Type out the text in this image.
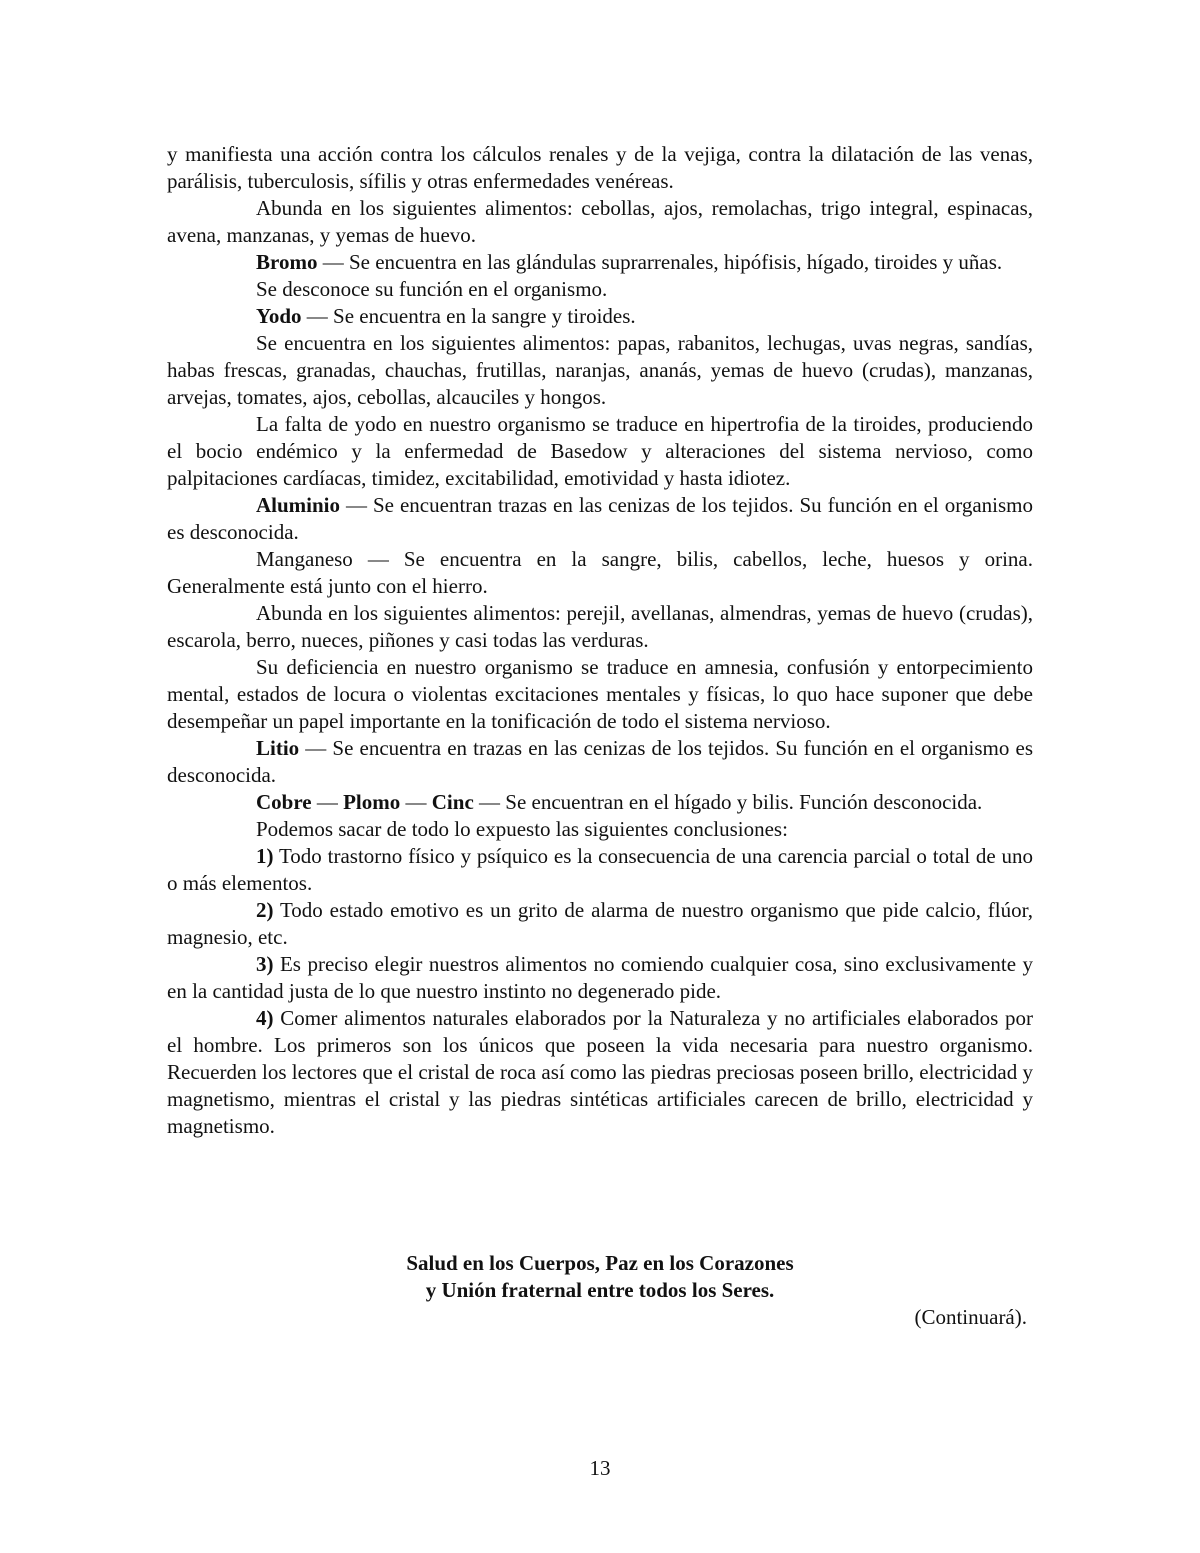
y manifiesta una acción contra los cálculos renales y de la vejiga, contra la dilatación de las venas, parálisis, tuberculosis, sífilis y otras enfermedades venéreas.

Abunda en los siguientes alimentos: cebollas, ajos, remolachas, trigo integral, espinacas, avena, manzanas, y yemas de huevo.

Bromo — Se encuentra en las glándulas suprarrenales, hipófisis, hígado, tiroides y uñas.

Se desconoce su función en el organismo.

Yodo — Se encuentra en la sangre y tiroides.

Se encuentra en los siguientes alimentos: papas, rabanitos, lechugas, uvas negras, sandías, habas frescas, granadas, chauchas, frutillas, naranjas, ananás, yemas de huevo (crudas), manzanas, arvejas, tomates, ajos, cebollas, alcauciles y hongos.

La falta de yodo en nuestro organismo se traduce en hipertrofia de la tiroides, produciendo el bocio endémico y la enfermedad de Basedow y alteraciones del sistema nervioso, como palpitaciones cardíacas, timidez, excitabilidad, emotividad y hasta idiotez.

Aluminio — Se encuentran trazas en las cenizas de los tejidos. Su función en el organismo es desconocida.

Manganeso — Se encuentra en la sangre, bilis, cabellos, leche, huesos y orina. Generalmente está junto con el hierro.

Abunda en los siguientes alimentos: perejil, avellanas, almendras, yemas de huevo (crudas), escarola, berro, nueces, piñones y casi todas las verduras.

Su deficiencia en nuestro organismo se traduce en amnesia, confusión y entorpecimiento mental, estados de locura o violentas excitaciones mentales y físicas, lo quo hace suponer que debe desempeñar un papel importante en la tonificación de todo el sistema nervioso.

Litio — Se encuentra en trazas en las cenizas de los tejidos. Su función en el organismo es desconocida.

Cobre — Plomo — Cinc — Se encuentran en el hígado y bilis. Función desconocida.

Podemos sacar de todo lo expuesto las siguientes conclusiones:

1) Todo trastorno físico y psíquico es la consecuencia de una carencia parcial o total de uno o más elementos.

2) Todo estado emotivo es un grito de alarma de nuestro organismo que pide calcio, flúor, magnesio, etc.

3) Es preciso elegir nuestros alimentos no comiendo cualquier cosa, sino exclusivamente y en la cantidad justa de lo que nuestro instinto no degenerado pide.

4) Comer alimentos naturales elaborados por la Naturaleza y no artificiales elaborados por el hombre. Los primeros son los únicos que poseen la vida necesaria para nuestro organismo. Recuerden los lectores que el cristal de roca así como las piedras preciosas poseen brillo, electricidad y magnetismo, mientras el cristal y las piedras sintéticas artificiales carecen de brillo, electricidad y magnetismo.

Salud en los Cuerpos, Paz en los Corazones

y Unión fraternal entre todos los Seres.

(Continuará).

13
